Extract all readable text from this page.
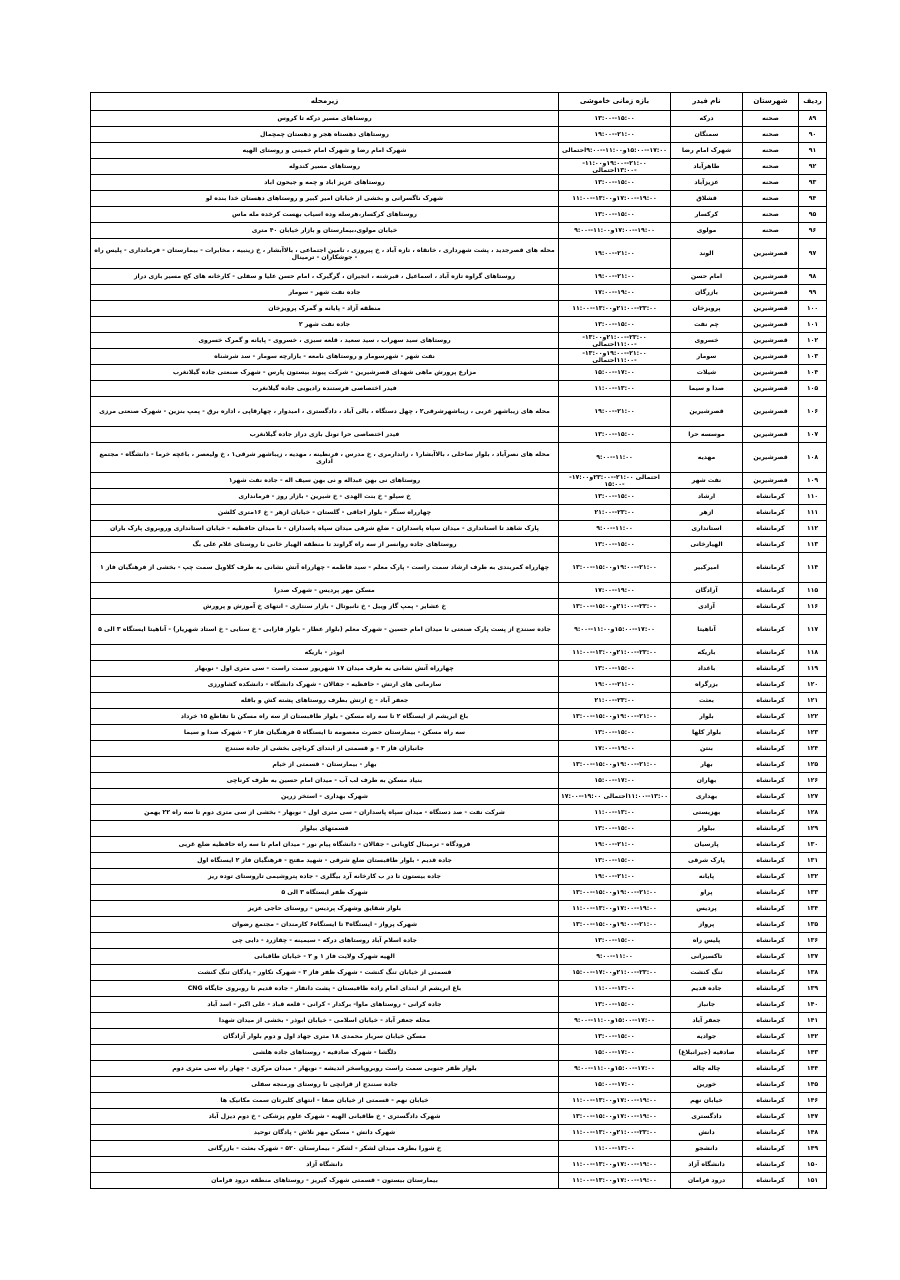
ردیف	شهرستان	نام فیدر	بازه زمانی خاموشی	زیرمحله
۸۹	صحنه	درکه	۱۵:۰۰--۱۳:۰۰	روستاهای مسیر درکه تا کروس
۹۰	صحنه	سمنگان	۲۱:۰۰--۱۹:۰۰	روستاهای دهستاه هجر و دهستان چمچمال
۹۱	صحنه	شهرک امام رضا	۱۷:۰۰--۱۵:۰۰و۱۱:۰۰--۹:۰۰احتمالی	شهرک امام رضا و شهرک امام خمینی و روستای الهیه
۹۲	صحنه	طاهرآباد	۲۱:۰۰--۱۹:۰۰و۱۱:۰۰--۱۳:۰۰احتمالی	روستاهای مسیر کندوله
۹۳	صحنه	عزیزآباد	۱۵:۰۰--۱۳:۰۰	روستاهای عزیز اباد و چمه و جیحون اباد
۹۴	صحنه	قشلاق	۱۹:۰۰--۱۷:۰۰و۱۳:۰۰--۱۱:۰۰	شهرک ناگسرانی و بخشی از خیابان امیر کبیر و روستاهای دهستان خدا بنده لو
۹۵	صحنه	کرکسار	۱۵:۰۰--۱۳:۰۰	روستاهای کرکسار،هرسله وده اسیاب بهست کرخده مله ماس
۹۶	صحنه	مولوی	۱۹:۰۰--۱۷:۰۰و۱۱:۰۰--۹:۰۰	خیابان مولوی،بیمارستان و بازار خیابان ۴۰ متری
۹۷	قصرشیرین	الوند	۲۱:۰۰--۱۹:۰۰	محله های قصرجدید ، پشت شهرداری ، خانقاه ، تازه آباد ، خ پیروزی ، تامین اجتماعی ، بالاآبشار ، خ زینبیه ، مخابرات - بیمارستان - فرمانداری - پلیس راه - جوشکاران - ترمینال
۹۸	قصرشیرین	امام حسن	۲۱:۰۰--۱۹:۰۰	روستاهای گراوه تازه آباد ، اسماعیل ، قبرشنه ، انجیران ، گرگیرک ، امام حسن علیا و سفلی - کارخانه های کج مسیر بازی دراز
۹۹	قصرشیرین	بازرگان	۱۹:۰۰--۱۷:۰۰	جاده نفت شهر - سومار
۱۰۰	قصرشیرین	پرویزخان	۲۳:۰۰--۲۱:۰۰و۱۳:۰۰--۱۱:۰۰	منطقه آزاد - پایانه و گمرک پرویزخان
۱۰۱	قصرشیرین	چم نفت	۱۵:۰۰--۱۳:۰۰	جاده نفت شهر ۲
۱۰۲	قصرشیرین	خسروی	۲۳:۰۰--۲۱:۰۰و۱۳:۰۰--۱۱:۰۰احتمالی	روستاهای سید سهراب ، سید سعید ، قلعه سبزی ، خسروی - پایانه و گمرک خسروی
۱۰۳	قصرشیرین	سومار	۲۱:۰۰--۱۹:۰۰و۱۳:۰۰--۱۱:۰۰احتمالی	نفت شهر - شهرسومار و روستاهای نامعه - بازارچه سومار - سد شرشناه
۱۰۴	قصرشیرین	شیلات	۱۷:۰۰--۱۵:۰۰	مزارع پرورش ماهی شهدای قصرشیرین - شرکت پیوند بیستون پارس - شهرک صنعتی جاده گیلانغرب
۱۰۵	قصرشیرین	صدا و سیما	۱۳:۰۰--۱۱:۰۰	فیدر اختصاصی فرستنده رادیویی جاده گیلانغرب
۱۰۶	قصرشیرین	قصرشیرین	۲۱:۰۰--۱۹:۰۰	محله های زیباشهر غربی ، زیباشهرشرقی۲ ، چهل دستگاه ، بالی آباد ، دادگستری ، امیدوار ، چهارقاپی ، اداره برق - پمپ بنزین - شهرک صنعتی مرزی
۱۰۷	قصرشیرین	موسسه حرا	۱۵:۰۰--۱۳:۰۰	فیدر اختصاصی حرا تونل بازی دراز جاده گیلانغرب
۱۰۸	قصرشیرین	مهدیه	۱۱:۰۰--۹:۰۰	محله های نصرآباد ، بلوار ساحلی ، بالاآبشار۱ ، زاندارمری ، خ مدرس ، فرنطینه ، مهدیه ، زیباشهر شرقی۱ ، خ ولیعصر ، باغچه خرما - دانشگاه - مجتمع اداری
۱۰۹	قصرشیرین	نفت شهر	احتمالی ۲۱:۰۰--۲۳:۰۰و۱۷:۰۰--۱۵:۰۰	روستاهای نی بهن عبداله و نی بهن سیف اله - جاده نفت شهر۱
۱۱۰	کرمانشاه	ارشاد	۱۵:۰۰--۱۳:۰۰	خ سیلو - خ بنت الهدی - خ شیرین - بازار روز - فرمانداری
۱۱۱	کرمانشاه	ازهر	۲۳:۰۰--۲۱:۰۰	چهارراه سنگر - بلوار اجاقی - گلستان - خیابان ازهر - خ ۱۶متری کلشن
۱۱۲	کرمانشاه	استانداری	۱۱:۰۰--۹:۰۰	پارک شاهد تا استانداری - میدان سپاه پاسداران - ضلع شرقی میدان سپاه پاسداران - تا میدان حافظیه - خیابان استانداری وروبروی پارک باران
۱۱۳	کرمانشاه	الهیارخانی	۱۵:۰۰--۱۳:۰۰	روستاهای جاده روانسر از سه راه گراوند تا منطقه الهیار خانی تا روستای غلام علی بگ
۱۱۴	کرمانشاه	امیرکبیر	۲۱:۰۰--۱۹:۰۰و۱۵:۰۰--۱۳:۰۰	چهارراه کمربندی به طرف ارشاد سمت راست - پارک معلم - سید فاطمه - چهارراه آتش نشانی به طرف کلاوبل سمت چپ - بخشی از فرهنگیان فاز ۱
۱۱۵	کرمانشاه	آزادگان	۱۹:۰۰--۱۷:۰۰	مسکن مهر پردیس - شهرک صدرا
۱۱۶	کرمانشاه	آزادی	۲۳:۰۰--۲۱:۰۰و۱۵:۰۰--۱۳:۰۰	خ عشایر - پمپ گاز وییل - خ نانبوتال - بازار سنتاری - انتهای خ آموزش و پرورش
۱۱۷	کرمانشاه	آناهیتا	۱۷:۰۰--۱۵:۰۰و۱۱:۰۰--۹:۰۰	جاده سنندج از پست پارک صنعتی تا میدان امام حسین - شهرک معلم (بلوار عطار - بلوار قارابی - خ سنایی - خ استاد شهریار) - آناهیتا ایستگاه ۳ الی ۵
۱۱۸	کرمانشاه	باریکه	۲۳:۰۰--۲۱:۰۰و۱۳:۰۰--۱۱:۰۰	ابوذر - باریکه
۱۱۹	کرمانشاه	باغداد	۱۵:۰۰--۱۳:۰۰	چهارراه آتش نشانی به طرف میدان ۱۷ شهریور سمت راست - سی متری اول - نوبهار
۱۲۰	کرمانشاه	بزرگراه	۲۱:۰۰--۱۹:۰۰	سازمانی های ارتش - حافظیه - جقالان - شهرک دانشگاه - دانشکده کشاورزی
۱۲۱	کرمانشاه	بعثت	۲۳:۰۰--۲۱:۰۰	جعفر آباد - خ ارتش بطرف روستاهای پشته کش و باقله
۱۲۲	کرمانشاه	بلوار	۲۱:۰۰--۱۹:۰۰و۱۵:۰۰--۱۳:۰۰	باغ ابریشم از ایستگاه ۲ تا سه راه مسکن - بلوار طاقبستان از سه راه مسکن تا تقاطع ۱۵ خرداد
۱۲۳	کرمانشاه	بلوار کلها	۱۵:۰۰--۱۳:۰۰	سه راه مسکن - بیمارستان حضرت معصومه تا ایستگاه ۵ فرهنگیان فاز ۲ - شهرک صدا و سیما
۱۲۴	کرمانشاه	بنتن	۱۹:۰۰--۱۷:۰۰	جانبازان فاز ۳ - و قسمتی از ابتدای کرناچی بخشی از جاده سنندج
۱۲۵	کرمانشاه	بهار	۲۱:۰۰--۱۹:۰۰و۱۵:۰۰--۱۳:۰۰	بهار - بیمارستان - قسمتی از خیام
۱۲۶	کرمانشاه	بهاران	۱۷:۰۰--۱۵:۰۰	بنیاد مسکن به طرف لب آب - میدان امام حسین به طرف کرناچی
۱۲۷	کرمانشاه	بهداری	۱۳:۰۰--۱۱:۰۰احتمالی ۱۹:۰۰--۱۷:۰۰	شهرک بهداری - استخر زرین
۱۲۸	کرمانشاه	بهزیستی	۱۳:۰۰--۱۱:۰۰	شرکت نفت - صد دستگاه - میدان سپاه پاسداران - سی متری اول - نوبهار - بخشی از سی متری دوم تا سه راه ۲۲ بهمن
۱۲۹	کرمانشاه	بیلوار	۱۵:۰۰--۱۳:۰۰	قسمتهای بیلوار
۱۳۰	کرمانشاه	پارسیان	۲۱:۰۰--۱۹:۰۰	فرودگاه - ترمینال کاوبانی - جقالان - دانشگاه پیام نور - میدان امام تا سه راه حافظیه ضلع غربی
۱۳۱	کرمانشاه	پارک شرقی	۱۵:۰۰--۱۳:۰۰	جاده قدیم - بلوار طاقبستان ضلع شرقی - شهید مفتح - فرهنگیان فاز ۲ ایستگاه اول
۱۳۲	کرمانشاه	پایانه	۲۱:۰۰--۱۹:۰۰	جاده بیستون تا در ب کارخانه آرد بیگلری - جاده پتروشیمی تاروستای توده ریز
۱۳۳	کرمانشاه	پراو	۲۱:۰۰--۱۹:۰۰و۱۵:۰۰--۱۳:۰۰	شهرک ظفر ایستگاه ۳ الی ۵
۱۳۴	کرمانشاه	پردیس	۱۹:۰۰--۱۷:۰۰و۱۳:۰۰--۱۱:۰۰	بلوار شقایق وشهرک پردیس - روستای حاجی عزیز
۱۳۵	کرمانشاه	پرواز	۲۱:۰۰--۱۹:۰۰و۱۵:۰۰--۱۳:۰۰	شهرک پرواز - ایستگاه۴ تا ایستگاه۶ کارمندان - مجتمع رضوان
۱۳۶	کرمانشاه	پلیس راه	۱۵:۰۰--۱۳:۰۰	جاده اسلام آباد روستاهای درکه - سیمینه - چقازرد - دایی چی
۱۳۷	کرمانشاه	تاکسیرانی	۱۱:۰۰--۹:۰۰	الهیه شهرک ولایت فاز ۱ و ۲ - خیابان طاقبانی
۱۳۸	کرمانشاه	تنگ کنشت	۲۳:۰۰--۲۱:۰۰و۱۷:۰۰--۱۵:۰۰	قسمتی از خیابان تنگ کنشت - شهرک ظفر فاز ۳ - شهرک تکاور - پادگان تنگ کنشت
۱۳۹	کرمانشاه	جاده قدیم	۱۳:۰۰--۱۱:۰۰	باغ ابریشم از ابتدای امام زاده طاقبستان - پشت دانفار - جاده قدیم تا روبروی جایگاه CNG
۱۴۰	کرمانشاه	جانباز	۱۵:۰۰--۱۳:۰۰	جاده کرانی - روستاهای ماوا- برکدار - کرانی - قلعه قباد - علی اکبر - اسد آباد
۱۴۱	کرمانشاه	جعفر آباد	۱۷:۰۰--۱۵:۰۰و۱۱:۰۰--۹:۰۰	محله جعفر آباد - خیابان اسلامی - خیابان ابوذر - بخشی از میدان شهدا
۱۴۲	کرمانشاه	جوادیه	۱۵:۰۰--۱۳:۰۰	مسکن خیابان سرباز محمدی ۱۸ متری جهاد اول و دوم بلوار آزادگان
۱۴۳	کرمانشاه	صادقیه (جیرانبلاغ)	۱۷:۰۰--۱۵:۰۰	دلگشا - شهرک صادقیه - روستاهای جاده هلشی
۱۴۴	کرمانشاه	چاله چاله	۱۷:۰۰--۱۵:۰۰و۱۱:۰۰--۹:۰۰	بلوار ظفر جنوبی سمت راست روبروپاسخر اندیشه - نوبهار - میدان مرکزی - چهار راه سی متری دوم
۱۴۵	کرمانشاه	خورین	۱۷:۰۰--۱۵:۰۰	جاده سنندج از قزانچی تا روستای ورمنجه سفلی
۱۴۶	کرمانشاه	خیابان نهم	۱۹:۰۰--۱۷:۰۰و۱۳:۰۰--۱۱:۰۰	خیابان نهم - قسمتی از خیابان صفا - انتهای کلبرتان سمت مکانیک ها
۱۴۷	کرمانشاه	دادگستری	۱۹:۰۰--۱۷:۰۰و۱۵:۰۰--۱۳:۰۰	شهرک دادگستری - خ طاقبانی الهیه - شهرک علوم پزشکی - خ دوم دیزل آباد
۱۴۸	کرمانشاه	دانش	۲۳:۰۰--۲۱:۰۰و۱۳:۰۰--۱۱:۰۰	شهرک دانش - مسکن مهر نلاش - پادگان توحید
۱۴۹	کرمانشاه	دانشجو	۱۳:۰۰--۱۱:۰۰	خ شورا بطرف میدان لشکر - لشکر - بیمارستان ۵۲۰ - شهرک بعثت - بازرگانی
۱۵۰	کرمانشاه	دانشگاه آزاد	۱۹:۰۰--۱۷:۰۰و۱۳:۰۰--۱۱:۰۰	دانشگاه آزاد
۱۵۱	کرمانشاه	درود فرامان	۱۹:۰۰--۱۷:۰۰و۱۳:۰۰--۱۱:۰۰	بیمارستان بیستون - قسمتی شهرک کیریز - روستاهای منطقه درود فرامان
